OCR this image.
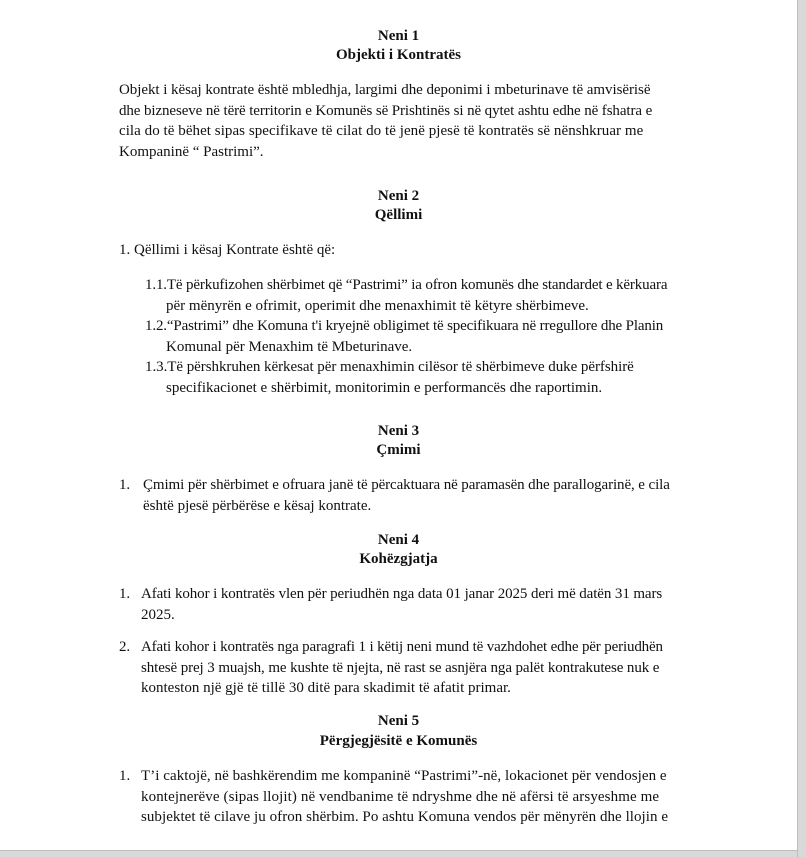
Neni 1
Objekti i Kontratës
Objekt i kësaj kontrate është mbledhja, largimi dhe deponimi i mbeturinave të amvisërisë
dhe bizneseve në tërë territorin e Komunës së Prishtinës si në qytet ashtu edhe në fshatra e
cila do të bëhet sipas specifikave të cilat do të jenë pjesë të kontratës së nënshkruar me
Kompaninë “ Pastrimi”.
Neni 2
Qëllimi
1. Qëllimi i kësaj Kontrate është që:
1.1.Të përkufizohen shërbimet që “Pastrimi” ia ofron komunës dhe standardet e kërkuara
për mënyrën e ofrimit, operimit dhe menaxhimit të këtyre shërbimeve.
1.2.“Pastrimi” dhe Komuna t'i kryejnë obligimet të specifikuara në rregullore dhe Planin
Komunal për Menaxhim të Mbeturinave.
1.3.Të përshkruhen kërkesat për menaxhimin cilësor të shërbimeve duke përfshirë
specifikacionet e shërbimit, monitorimin e performancës dhe raportimin.
Neni 3
Çmimi
1. Çmimi për shërbimet e ofruara janë të përcaktuara në paramasën dhe parallogarinë, e cila
është pjesë përbërëse e kësaj kontrate.
Neni 4
Kohëzgjatja
1. Afati kohor i kontratës vlen për periudhën nga data 01 janar 2025 deri më datën 31 mars
2025.
2. Afati kohor i kontratës nga paragrafi 1 i këtij neni mund të vazhdohet edhe për periudhën
shtesë prej 3 muajsh, me kushte të njejta, në rast se asnjëra nga palët kontrakutese nuk e
konteston një gjë të tillë 30 ditë para skadimit të afatit primar.
Neni 5
Përgjegjësitë e Komunës
1. T’i caktojë, në bashkërendim me kompaninë “Pastrimi”-në, lokacionet për vendosjen e
kontejnerëve (sipas llojit) në vendbanime të ndryshme dhe në afërsi të arsyeshme me
subjektet të cilave ju ofron shërbim. Po ashtu Komuna vendos për mënyrën dhe llojin e
